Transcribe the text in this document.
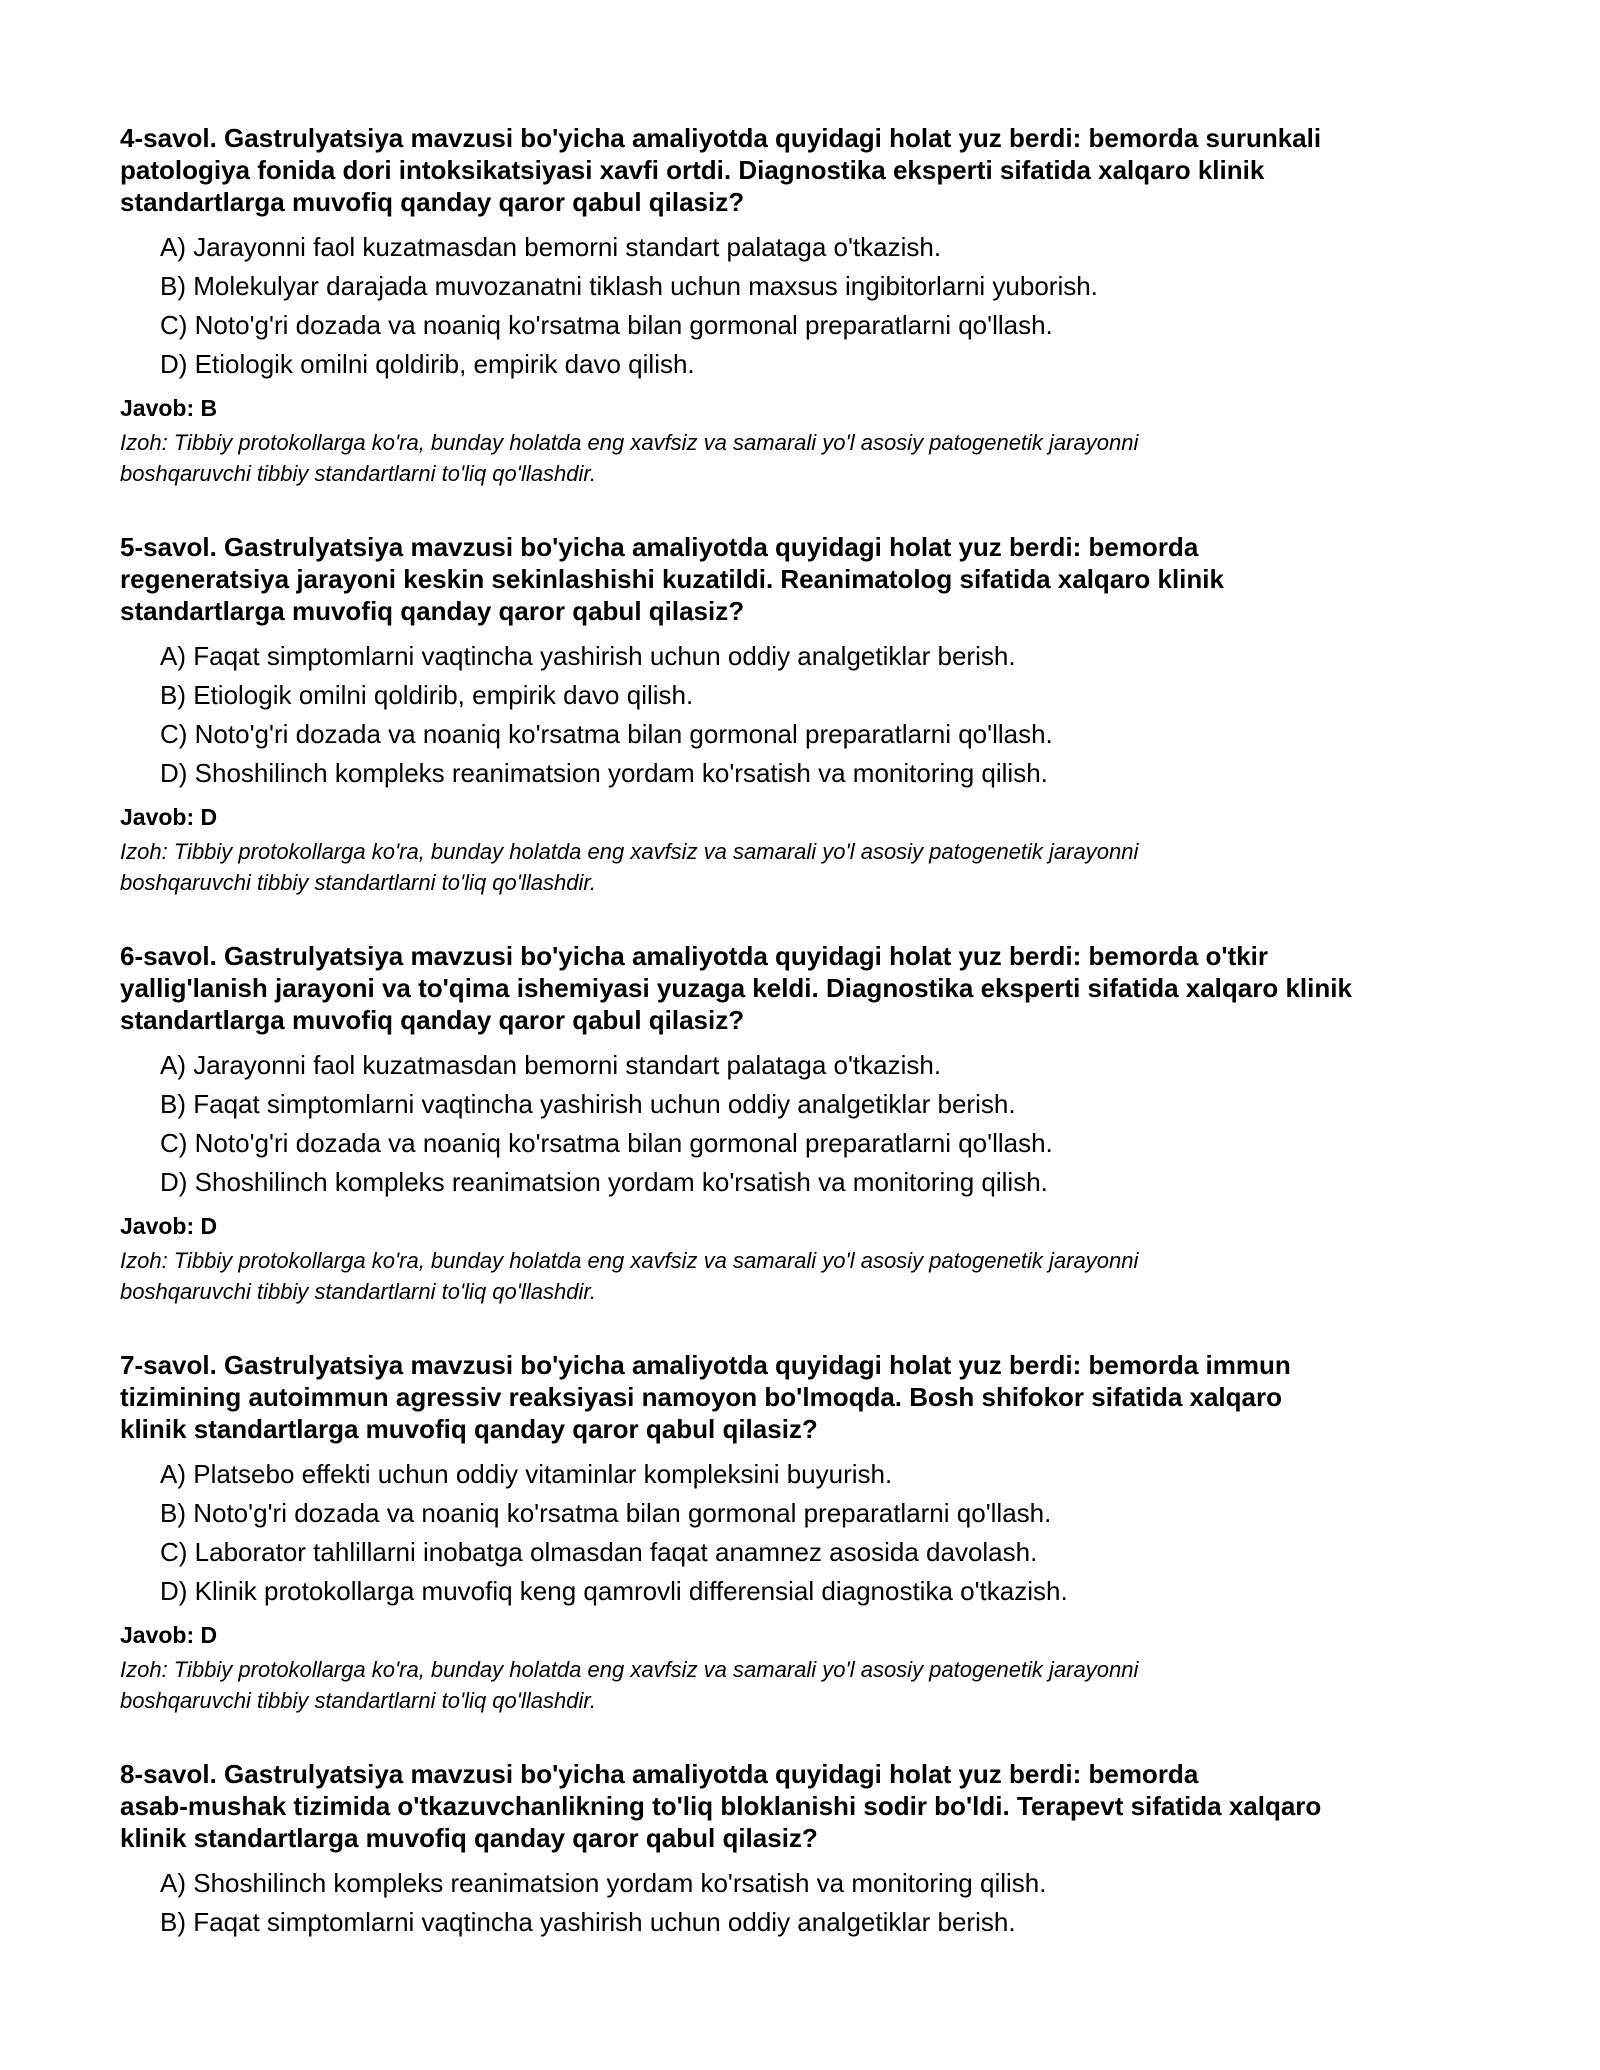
4-savol. Gastrulyatsiya mavzusi bo'yicha amaliyotda quyidagi holat yuz berdi: bemorda surunkali
patologiya fonida dori intoksikatsiyasi xavfi ortdi. Diagnostika eksperti sifatida xalqaro klinik
standartlarga muvofiq qanday qaror qabul qilasiz?

A) Jarayonni faol kuzatmasdan bemorni standart palataga o'tkazish.
B) Molekulyar darajada muvozanatni tiklash uchun maxsus ingibitorlarni yuborish.
C) Noto'g'ri dozada va noaniq ko'rsatma bilan gormonal preparatlarni qo'llash.
D) Etiologik omilni qoldirib, empirik davo qilish.

Javob: B

Izoh: Tibbiy protokollarga ko'ra, bunday holatda eng xavfsiz va samarali yo'l asosiy patogenetik jarayonni
boshqaruvchi tibbiy standartlarni to'liq qo'llashdir.

5-savol. Gastrulyatsiya mavzusi bo'yicha amaliyotda quyidagi holat yuz berdi: bemorda
regeneratsiya jarayoni keskin sekinlashishi kuzatildi. Reanimatolog sifatida xalqaro klinik
standartlarga muvofiq qanday qaror qabul qilasiz?

A) Faqat simptomlarni vaqtincha yashirish uchun oddiy analgetiklar berish.
B) Etiologik omilni qoldirib, empirik davo qilish.
C) Noto'g'ri dozada va noaniq ko'rsatma bilan gormonal preparatlarni qo'llash.
D) Shoshilinch kompleks reanimatsion yordam ko'rsatish va monitoring qilish.

Javob: D

Izoh: Tibbiy protokollarga ko'ra, bunday holatda eng xavfsiz va samarali yo'l asosiy patogenetik jarayonni
boshqaruvchi tibbiy standartlarni to'liq qo'llashdir.

6-savol. Gastrulyatsiya mavzusi bo'yicha amaliyotda quyidagi holat yuz berdi: bemorda o'tkir
yallig'lanish jarayoni va to'qima ishemiyasi yuzaga keldi. Diagnostika eksperti sifatida xalqaro klinik
standartlarga muvofiq qanday qaror qabul qilasiz?

A) Jarayonni faol kuzatmasdan bemorni standart palataga o'tkazish.
B) Faqat simptomlarni vaqtincha yashirish uchun oddiy analgetiklar berish.
C) Noto'g'ri dozada va noaniq ko'rsatma bilan gormonal preparatlarni qo'llash.
D) Shoshilinch kompleks reanimatsion yordam ko'rsatish va monitoring qilish.

Javob: D

Izoh: Tibbiy protokollarga ko'ra, bunday holatda eng xavfsiz va samarali yo'l asosiy patogenetik jarayonni
boshqaruvchi tibbiy standartlarni to'liq qo'llashdir.

7-savol. Gastrulyatsiya mavzusi bo'yicha amaliyotda quyidagi holat yuz berdi: bemorda immun
tizimining autoimmun agressiv reaksiyasi namoyon bo'lmoqda. Bosh shifokor sifatida xalqaro
klinik standartlarga muvofiq qanday qaror qabul qilasiz?

A) Platsebo effekti uchun oddiy vitaminlar kompleksini buyurish.
B) Noto'g'ri dozada va noaniq ko'rsatma bilan gormonal preparatlarni qo'llash.
C) Laborator tahlillarni inobatga olmasdan faqat anamnez asosida davolash.
D) Klinik protokollarga muvofiq keng qamrovli differensial diagnostika o'tkazish.

Javob: D

Izoh: Tibbiy protokollarga ko'ra, bunday holatda eng xavfsiz va samarali yo'l asosiy patogenetik jarayonni
boshqaruvchi tibbiy standartlarni to'liq qo'llashdir.

8-savol. Gastrulyatsiya mavzusi bo'yicha amaliyotda quyidagi holat yuz berdi: bemorda
asab-mushak tizimida o'tkazuvchanlikning to'liq bloklanishi sodir bo'ldi. Terapevt sifatida xalqaro
klinik standartlarga muvofiq qanday qaror qabul qilasiz?

A) Shoshilinch kompleks reanimatsion yordam ko'rsatish va monitoring qilish.
B) Faqat simptomlarni vaqtincha yashirish uchun oddiy analgetiklar berish.
